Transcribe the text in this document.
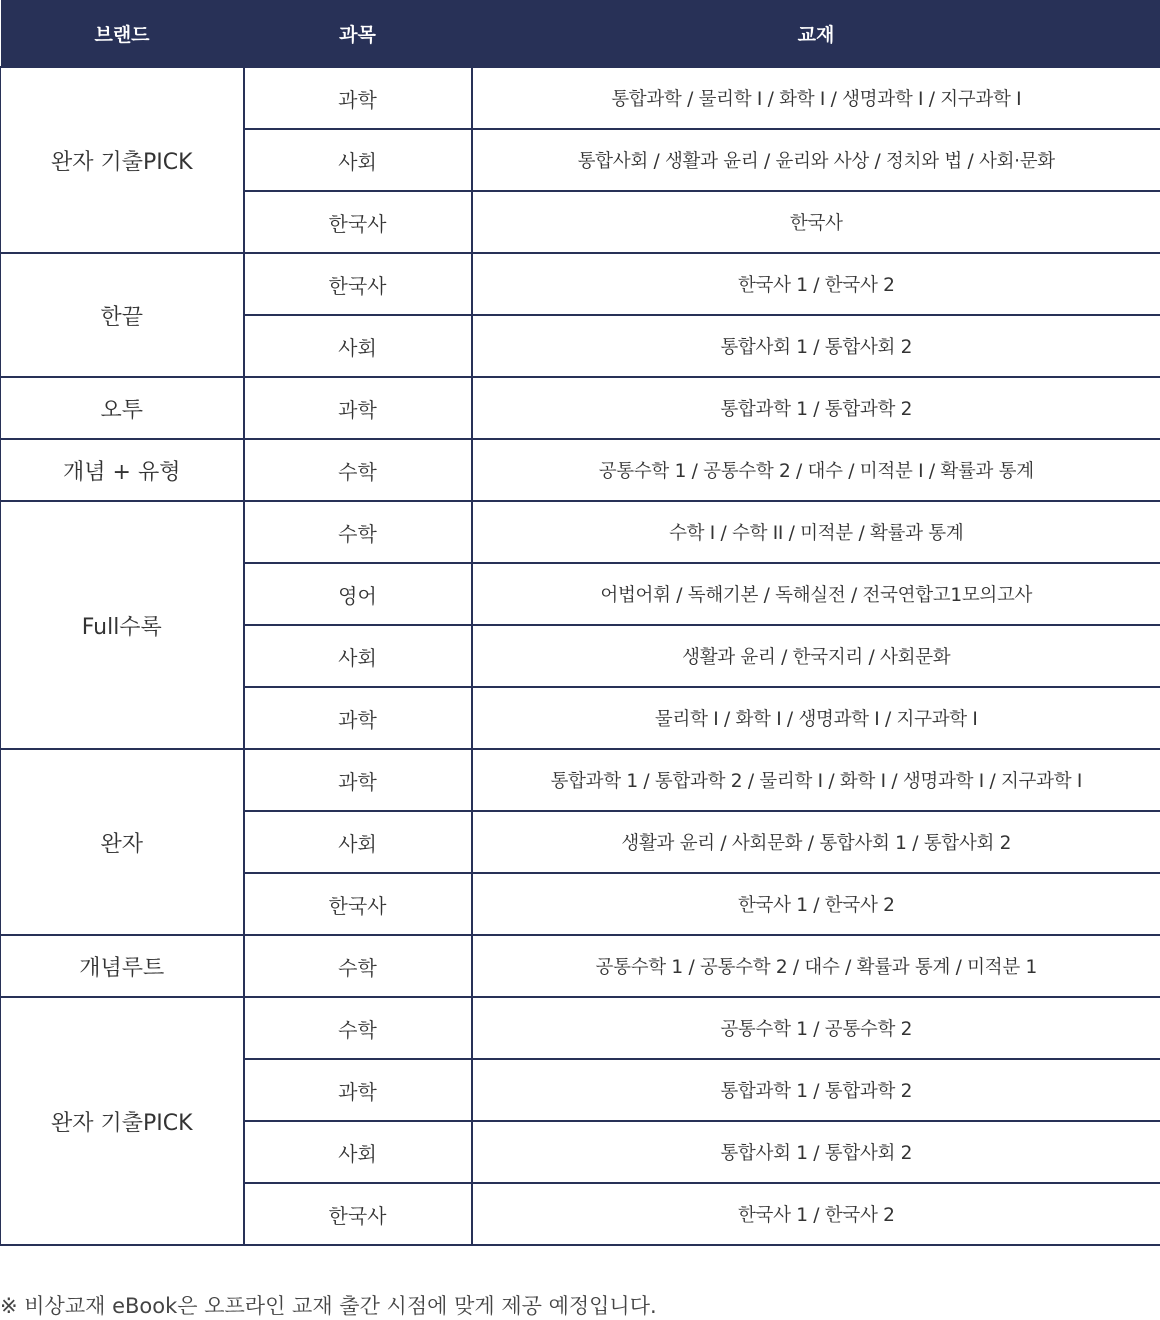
브랜드	과목	교재
완자 기출PICK	과학	통합과학 / 물리학 I / 화학 I / 생명과학 I / 지구과학 I
	사회	통합사회 / 생활과 윤리 / 윤리와 사상 / 정치와 법 / 사회·문화
	한국사	한국사
한끝	한국사	한국사 1 / 한국사 2
	사회	통합사회 1 / 통합사회 2
오투	과학	통합과학 1 / 통합과학 2
개념 + 유형	수학	공통수학 1 / 공통수학 2 / 대수 / 미적분 I / 확률과 통계
Full수록	수학	수학 I / 수학 II / 미적분 / 확률과 통계
	영어	어법어휘 / 독해기본 / 독해실전 / 전국연합고1모의고사
	사회	생활과 윤리 / 한국지리 / 사회문화
	과학	물리학 I / 화학 I / 생명과학 I / 지구과학 I
완자	과학	통합과학 1 / 통합과학 2 / 물리학 I / 화학 I / 생명과학 I / 지구과학 I
	사회	생활과 윤리 / 사회문화 / 통합사회 1 / 통합사회 2
	한국사	한국사 1 / 한국사 2
개념루트	수학	공통수학 1 / 공통수학 2 / 대수 / 확률과 통계 / 미적분 1
완자 기출PICK	수학	공통수학 1 / 공통수학 2
	과학	통합과학 1 / 통합과학 2
	사회	통합사회 1 / 통합사회 2
	한국사	한국사 1 / 한국사 2
※ 비상교재 eBook은 오프라인 교재 출간 시점에 맞게 제공 예정입니다.
